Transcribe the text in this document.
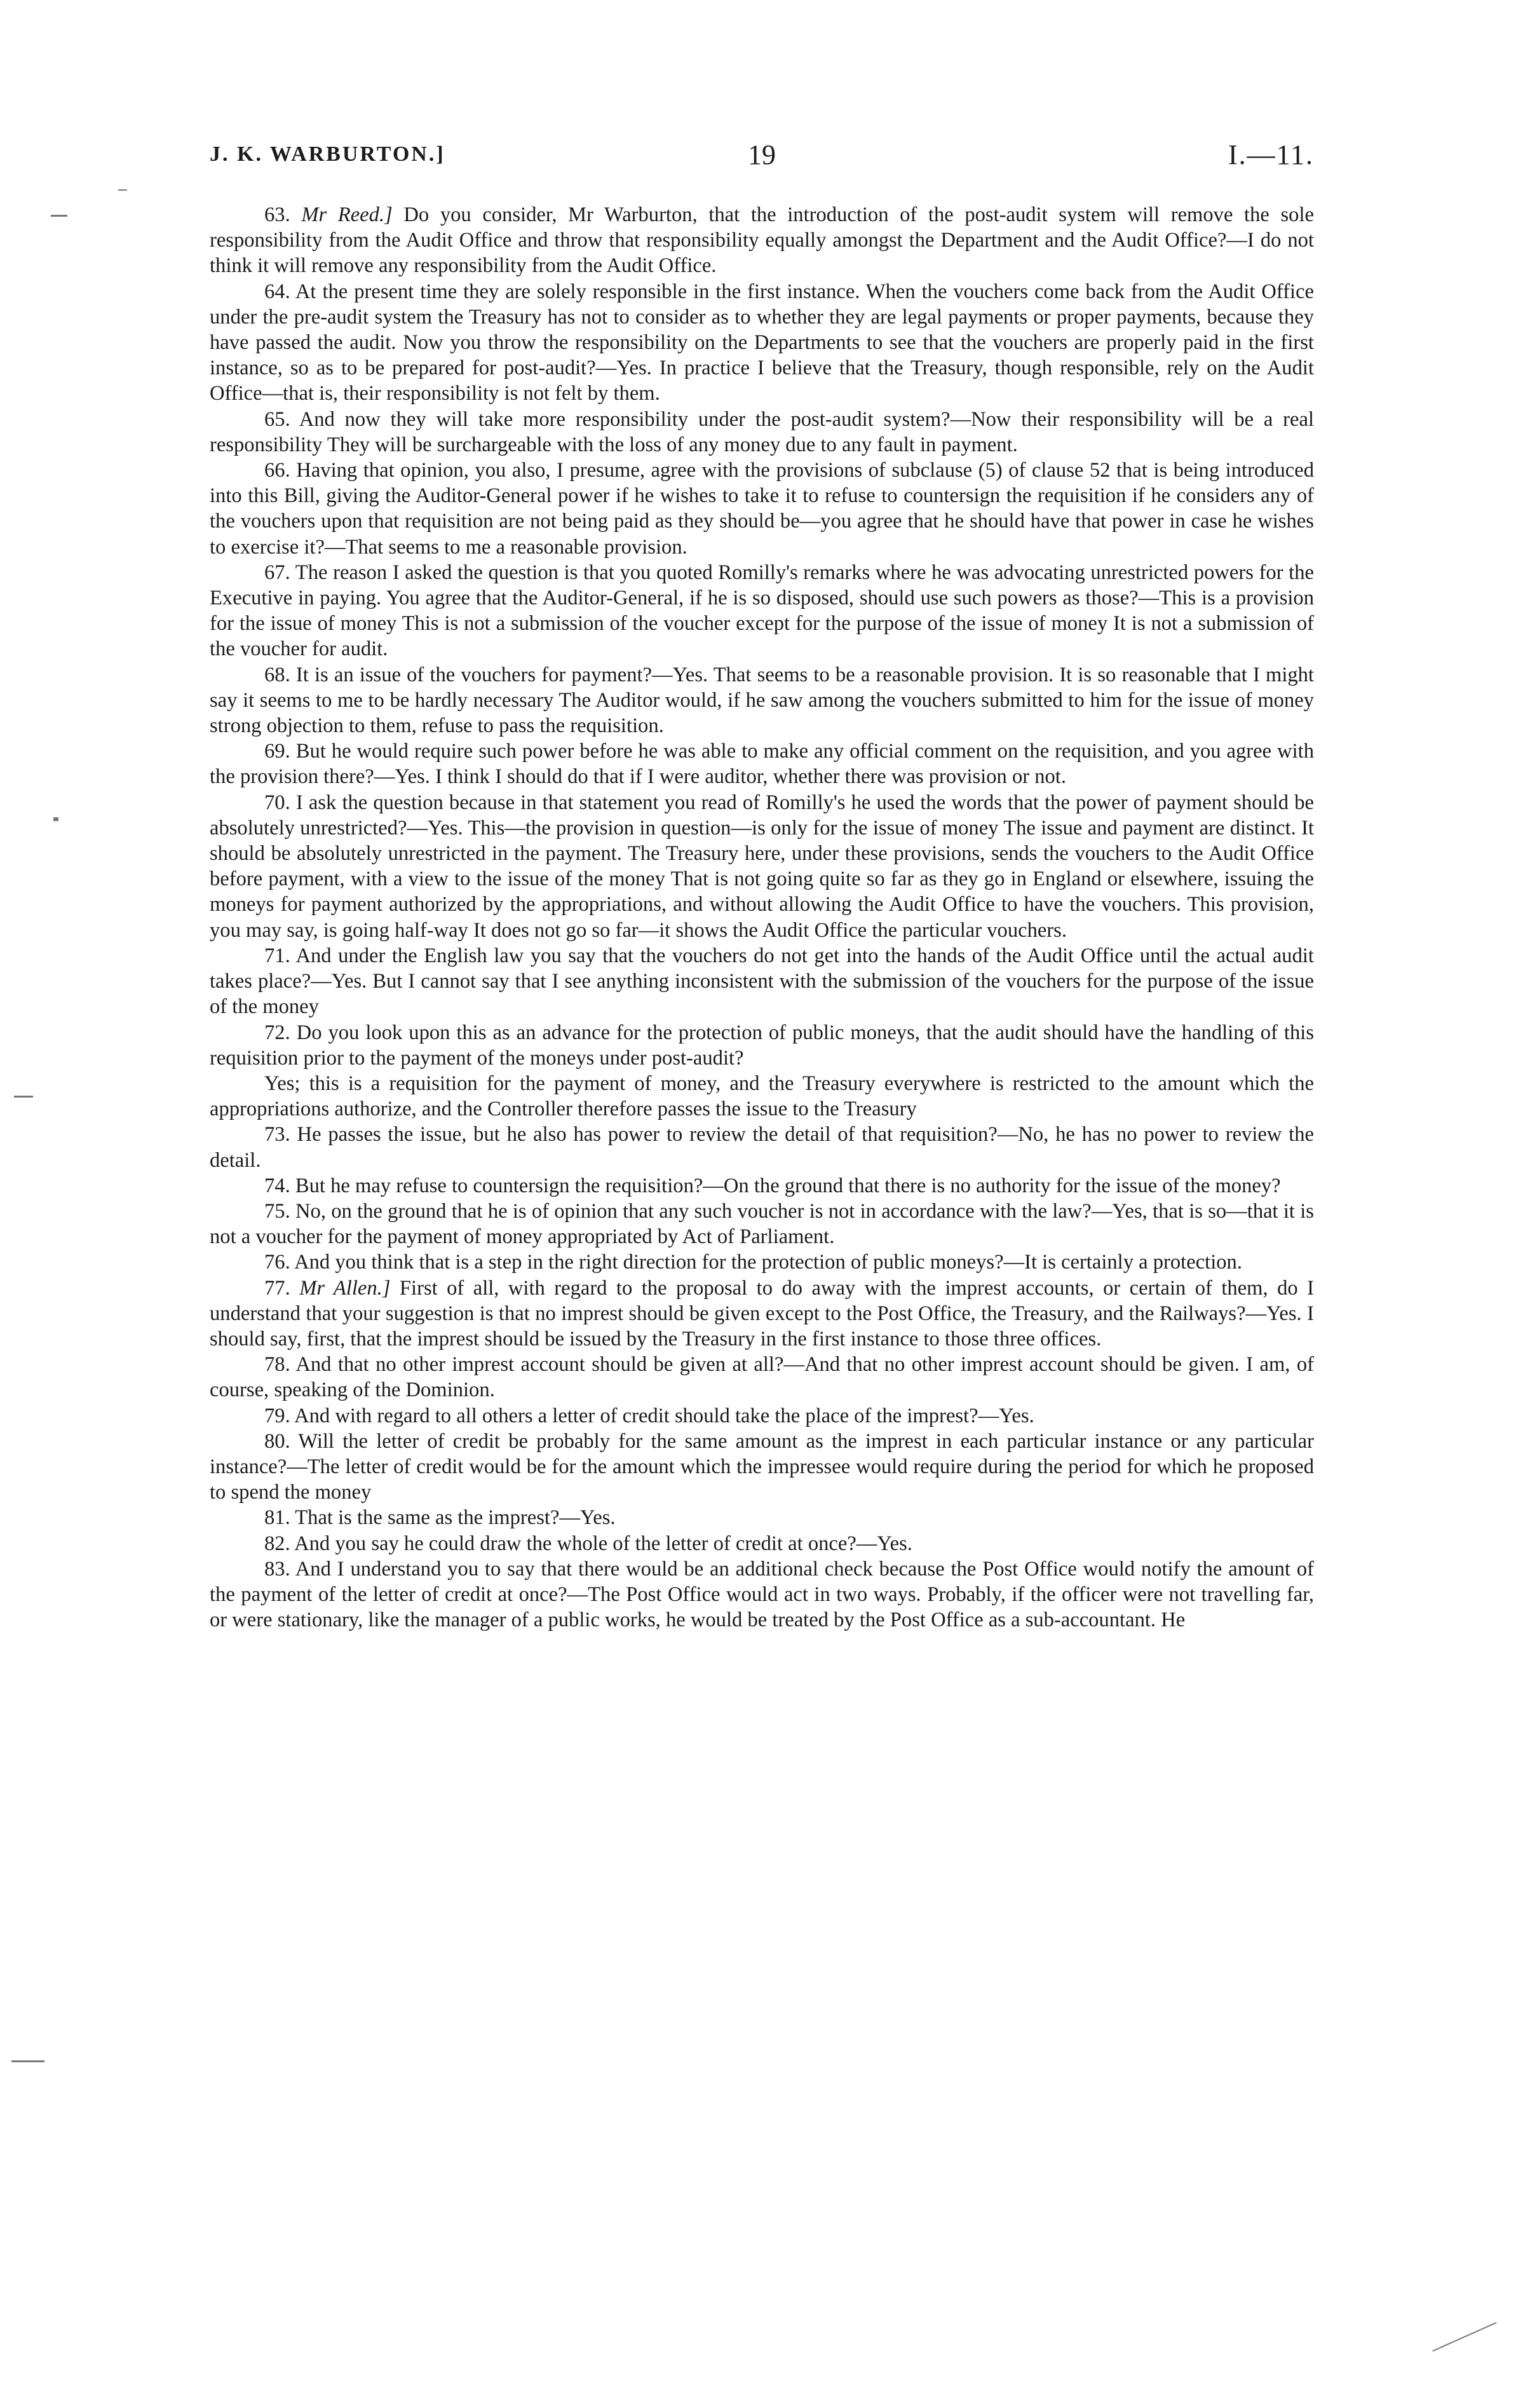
J. K. WARBURTON.]	19	I.—11.

63. Mr Reed.] Do you consider, Mr Warburton, that the introduction of the post-audit system will remove the sole responsibility from the Audit Office and throw that responsibility equally amongst the Department and the Audit Office?—I do not think it will remove any responsibility from the Audit Office.

64. At the present time they are solely responsible in the first instance. When the vouchers come back from the Audit Office under the pre-audit system the Treasury has not to consider as to whether they are legal payments or proper payments, because they have passed the audit. Now you throw the responsibility on the Departments to see that the vouchers are properly paid in the first instance, so as to be prepared for post-audit?—Yes. In practice I believe that the Treasury, though responsible, rely on the Audit Office—that is, their responsibility is not felt by them.

65. And now they will take more responsibility under the post-audit system?—Now their responsibility will be a real responsibility They will be surchargeable with the loss of any money due to any fault in payment.

66. Having that opinion, you also, I presume, agree with the provisions of subclause (5) of clause 52 that is being introduced into this Bill, giving the Auditor-General power if he wishes to take it to refuse to countersign the requisition if he considers any of the vouchers upon that requisition are not being paid as they should be—you agree that he should have that power in case he wishes to exercise it?—That seems to me a reasonable provision.

67. The reason I asked the question is that you quoted Romilly's remarks where he was advocating unrestricted powers for the Executive in paying. You agree that the Auditor-General, if he is so disposed, should use such powers as those?—This is a provision for the issue of money This is not a submission of the voucher except for the purpose of the issue of money It is not a submission of the voucher for audit.

68. It is an issue of the vouchers for payment?—Yes. That seems to be a reasonable provision. It is so reasonable that I might say it seems to me to be hardly necessary The Auditor would, if he saw among the vouchers submitted to him for the issue of money strong objection to them, refuse to pass the requisition.

69. But he would require such power before he was able to make any official comment on the requisition, and you agree with the provision there?—Yes. I think I should do that if I were auditor, whether there was provision or not.

70. I ask the question because in that statement you read of Romilly's he used the words that the power of payment should be absolutely unrestricted?—Yes. This—the provision in question—is only for the issue of money The issue and payment are distinct. It should be absolutely unrestricted in the payment. The Treasury here, under these provisions, sends the vouchers to the Audit Office before payment, with a view to the issue of the money That is not going quite so far as they go in England or elsewhere, issuing the moneys for payment authorized by the appropriations, and without allowing the Audit Office to have the vouchers. This provision, you may say, is going half-way It does not go so far—it shows the Audit Office the particular vouchers.

71. And under the English law you say that the vouchers do not get into the hands of the Audit Office until the actual audit takes place?—Yes. But I cannot say that I see anything inconsistent with the submission of the vouchers for the purpose of the issue of the money

72. Do you look upon this as an advance for the protection of public moneys, that the audit should have the handling of this requisition prior to the payment of the moneys under post-audit?

Yes; this is a requisition for the payment of money, and the Treasury everywhere is restricted to the amount which the appropriations authorize, and the Controller therefore passes the issue to the Treasury

73. He passes the issue, but he also has power to review the detail of that requisition?—No, he has no power to review the detail.

74. But he may refuse to countersign the requisition?—On the ground that there is no authority for the issue of the money?

75. No, on the ground that he is of opinion that any such voucher is not in accordance with the law?—Yes, that is so—that it is not a voucher for the payment of money appropriated by Act of Parliament.

76. And you think that is a step in the right direction for the protection of public moneys?—It is certainly a protection.

77. Mr Allen.] First of all, with regard to the proposal to do away with the imprest accounts, or certain of them, do I understand that your suggestion is that no imprest should be given except to the Post Office, the Treasury, and the Railways?—Yes. I should say, first, that the imprest should be issued by the Treasury in the first instance to those three offices.

78. And that no other imprest account should be given at all?—And that no other imprest account should be given. I am, of course, speaking of the Dominion.

79. And with regard to all others a letter of credit should take the place of the imprest?—Yes.

80. Will the letter of credit be probably for the same amount as the imprest in each particular instance or any particular instance?—The letter of credit would be for the amount which the impressee would require during the period for which he proposed to spend the money

81. That is the same as the imprest?—Yes.

82. And you say he could draw the whole of the letter of credit at once?—Yes.

83. And I understand you to say that there would be an additional check because the Post Office would notify the amount of the payment of the letter of credit at once?—The Post Office would act in two ways. Probably, if the officer were not travelling far, or were stationary, like the manager of a public works, he would be treated by the Post Office as a sub-accountant. He
